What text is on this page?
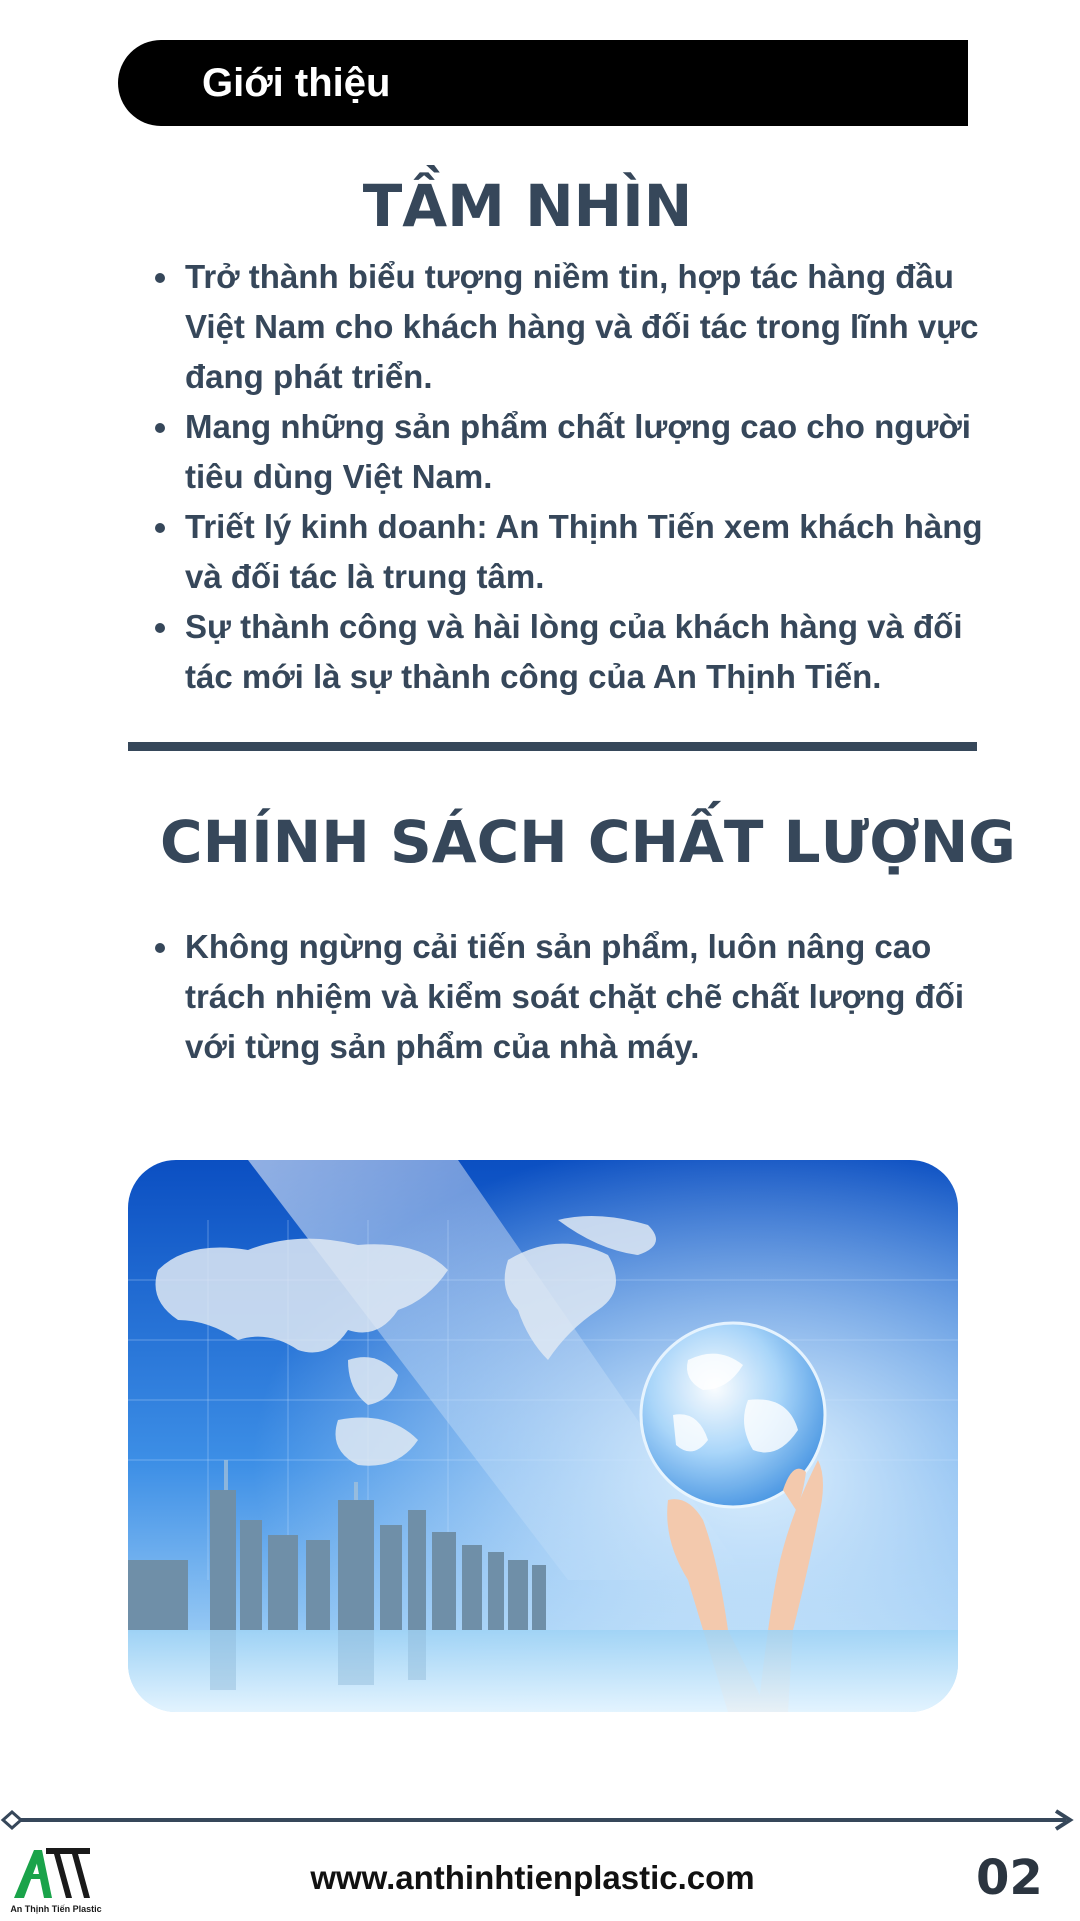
Giới thiệu
TẦM NHÌN
Trở thành biểu tượng niềm tin, hợp tác hàng đầu Việt Nam cho khách hàng và đối tác trong lĩnh vực đang phát triển.
Mang những sản phẩm chất lượng cao cho người tiêu dùng Việt Nam.
Triết lý kinh doanh: An Thịnh Tiến xem khách hàng và đối tác là trung tâm.
Sự thành công và hài lòng của khách hàng và đối tác mới là sự thành công của An Thịnh Tiến.
CHÍNH SÁCH CHẤT LƯỢNG
Không ngừng cải tiến sản phẩm, luôn nâng cao trách nhiệm và kiểm soát chặt chẽ chất lượng đối với từng sản phẩm của nhà máy.
An Thịnh Tiến Plastic
www.anthinhtienplastic.com	02
